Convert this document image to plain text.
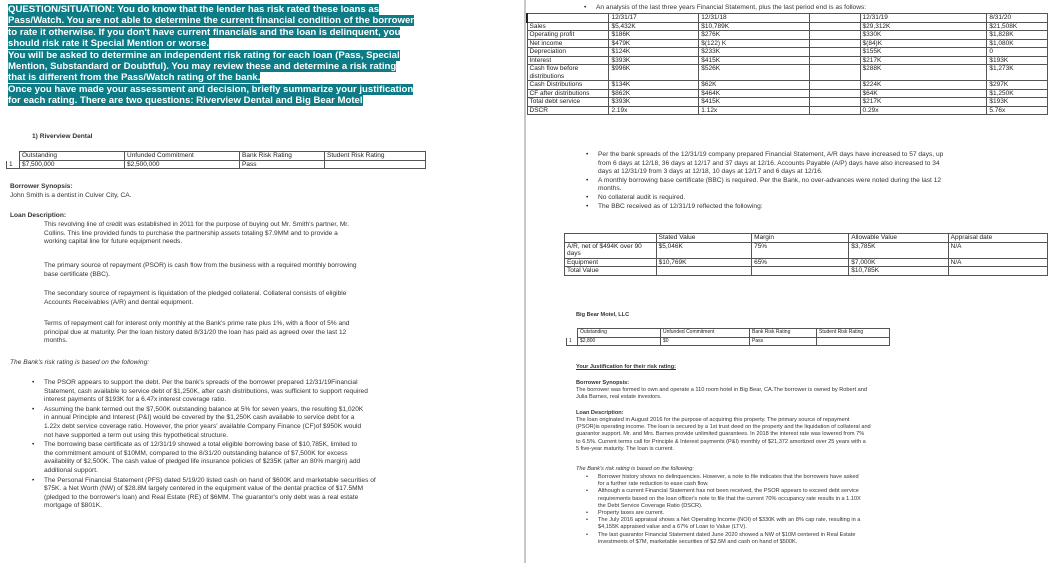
QUESTION/SITUATION: You do know that the lender has risk rated these loans as
Pass/Watch. You are not able to determine the current financial condition of the borrower
to rate it otherwise. If you don't have current financials and the loan is delinquent, you
should risk rate it Special Mention or worse.
You will be asked to determine an independent risk rating for each loan (Pass, Special
Mention, Substandard or Doubtful). You may review these and determine a risk rating
that is different from the Pass/Watch rating of the bank.
Once you have made your assessment and decision, briefly summarize your justification
for each rating. There are two questions: Riverview Dental and Big Bear Motel
1) Riverview Dental
	Outstanding	Unfunded Commitment	Bank Risk Rating	Student Risk Rating
1	$7,500,000	$2,500,000	Pass	
Borrower Synopsis:
John Smith is a dentist in Culver City, CA.
Loan Description:
This revolving line of credit was established in 2011 for the purpose of buying out Mr. Smith's partner, Mr.
Collins. This line provided funds to purchase the partnership assets totaling $7.9MM and to provide a
working capital line for future equipment needs.
The primary source of repayment (PSOR) is cash flow from the business with a required monthly borrowing
base certificate (BBC).
The secondary source of repayment is liquidation of the pledged collateral. Collateral consists of eligible
Accounts Receivables (A/R) and dental equipment.
Terms of repayment call for interest only monthly at the Bank's prime rate plus 1%, with a floor of 5% and
principal due at maturity. Per the loan history dated 8/31/20 the loan has paid as agreed over the last 12
months.
The Bank's risk rating is based on the following:
• The PSOR appears to support the debt. Per the bank's spreads of the borrower prepared 12/31/19Financial
Statement, cash available to service debt of $1,250K, after cash distributions, was sufficient to support required
interest payments of $193K for a 6.47x interest coverage ratio.
• Assuming the bank termed out the $7,500K outstanding balance at 5% for seven years, the resulting $1,020K
in annual Principle and Interest (P&I) would be covered by the $1,250K cash available to service debt for a
1.22x debt service coverage ratio. However, the prior years' available Company Finance (CF)of $950K would
not have supported a term out using this hypothetical structure.
• The borrowing base certificate as of 12/31/19 showed a total eligible borrowing base of $10,785K, limited to
the commitment amount of $10MM, compared to the 8/31/20 outstanding balance of $7,500K for excess
availability of $2,500K. The cash value of pledged life insurance policies of $235K (after an 80% margin) add
additional support.
• The Personal Financial Statement (PFS) dated 5/19/20 listed cash on hand of $600K and marketable securities of
$75K. a Net Worth (NW) of $28.8M largely centered in the equipment value of the dental practice of $17.5MM
(pledged to the borrower's loan) and Real Estate (RE) of $6MM. The guarantor's only debt was a real estate
mortgage of $801K.
• An analysis of the last three years Financial Statement, plus the last period end is as follows:
	12/31/17	12/31/18		12/31/19	8/31/20
Sales	$5,432K	$10,789K		$29,312K	$21,508K
Operating profit	$186K	$276K		$330K	$1,828K
Net income	$479K	$(122) K		$(84)K	$1,080K
Depreciation	$124K	$233K		$155K	0
Interest	$393K	$415K		$217K	$193K
Cash flow before distributions	$996K	$526K		$288K	$1,273K
Cash Distributions	$134K	$62K		$224K	$297K
CF after distributions	$862K	$464K		$64K	$1,250K
Total debt service	$393K	$415K		$217K	$193K
DSCR	2.19x	1.12x		0.29x	5.76x
• Per the bank spreads of the 12/31/19 company prepared Financial Statement, A/R days have increased to 57 days, up
from 6 days at 12/18, 36 days at 12/17 and 37 days at 12/16. Accounts Payable (A/P) days have also increased to 34
days at 12/31/19 from 3 days at 12/18, 10 days at 12/17 and 6 days at 12/16.
• A monthly borrowing base certificate (BBC) is required. Per the Bank, no over-advances were noted during the last 12
months.
• No collateral audit is required.
• The BBC received as of 12/31/19 reflected the following:
	Stated Value	Margin	Allowable Value	Appraisal date
A/R, net of $494K over 90 days	$5,046K	75%	$3,785K	N/A
Equipment	$10,769K	65%	$7,000K	N/A
Total Value			$10,785K	
Big Bear Motel, LLC
	Outstanding	Unfunded Commitment	Bank Risk Rating	Student Risk Rating
1	$2,800	$0	Pass	
Your Justification for their risk rating:
Borrower Synopsis:
The borrower was formed to own and operate a 110 room hotel in Big Bear, CA.The borrower is owned by Robert and
Julia Barnes, real estate investors.
Loan Description:
The loan originated in August 2016 for the purpose of acquiring this property. The primary source of repayment
(PSOR)is operating income. The loan is secured by a 1st trust deed on the property and the liquidation of collateral and
guarantor support. Mr. and Mrs. Barnes provide unlimited guarantees. In 2018 the interest rate was lowered from 7%
to 6.5%. Current terms call for Principle & Interest payments (P&I) monthly of $21,372 amortized over 25 years with a
5 five-year maturity. The loan is current.
The Bank's risk rating is based on the following:
• Borrower history shows no delinquencies. However, a note to file indicates that the borrowers have asked
for a further rate reduction to ease cash flow.
• Although a current Financial Statement has not been received, the PSOR appears to exceed debt service
requirements based on the loan officer's note to file that the current 70% occupancy rate results in a 1.10X
the Debt Service Coverage Ratio (DSCR).
• Property taxes are current.
• The July 2016 appraisal shows a Net Operating Income (NOI) of $330K with an 8% cap rate, resulting in a
$4,155K appraised value and a 67% of Loan to Value (LTV).
• The last guarantor Financial Statement dated June 2020 showed a NW of $10M centered in Real Estate
investments of $7M, marketable securities of $2.5M and cash on hand of $500K.
